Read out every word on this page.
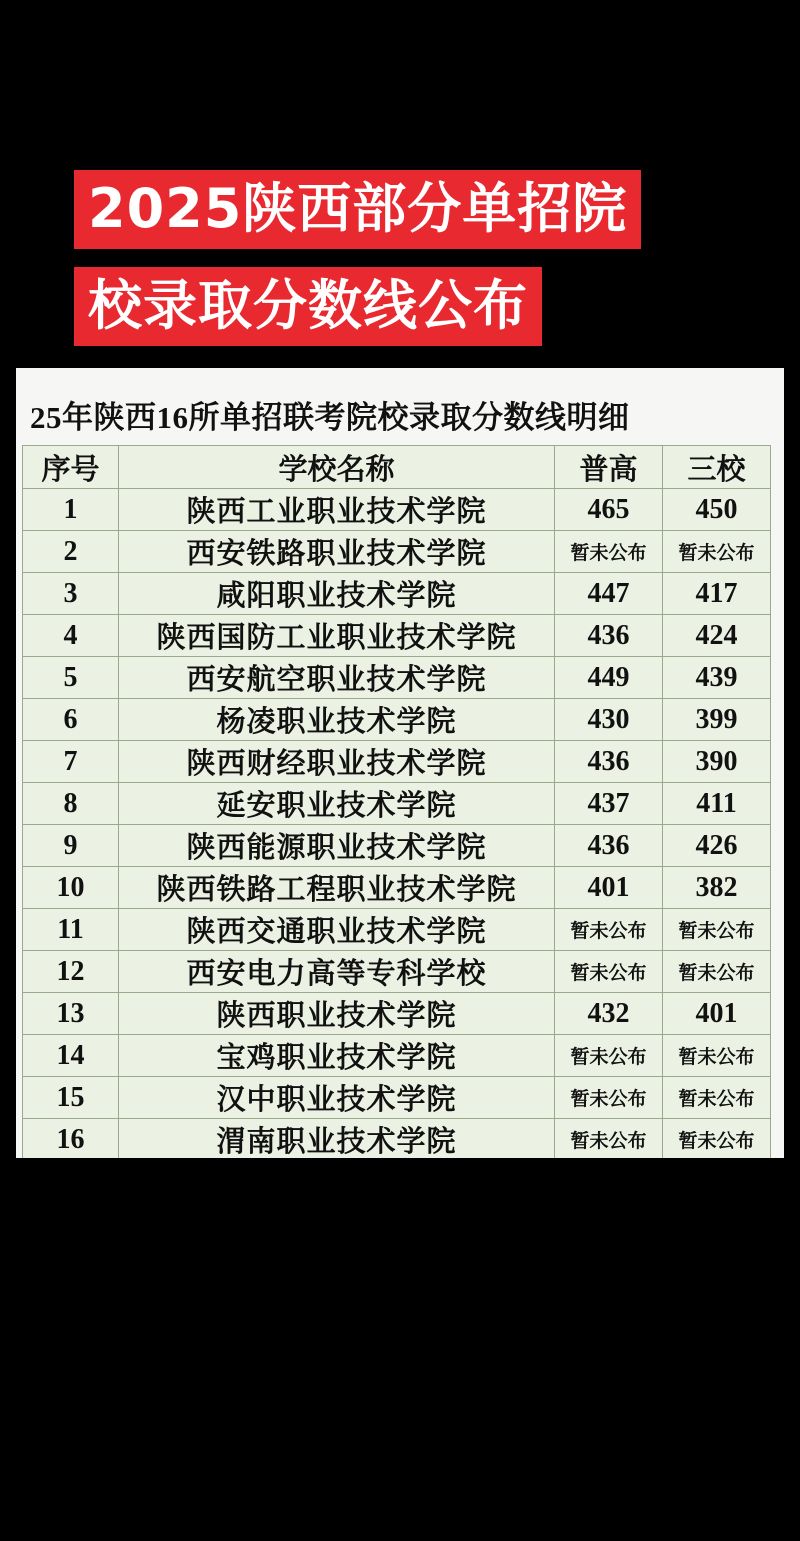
2025陕西部分单招院
校录取分数线公布
25年陕西16所单招联考院校录取分数线明细
序号	学校名称	普高	三校
1	陕西工业职业技术学院	465	450
2	西安铁路职业技术学院	暂未公布	暂未公布
3	咸阳职业技术学院	447	417
4	陕西国防工业职业技术学院	436	424
5	西安航空职业技术学院	449	439
6	杨凌职业技术学院	430	399
7	陕西财经职业技术学院	436	390
8	延安职业技术学院	437	411
9	陕西能源职业技术学院	436	426
10	陕西铁路工程职业技术学院	401	382
11	陕西交通职业技术学院	暂未公布	暂未公布
12	西安电力高等专科学校	暂未公布	暂未公布
13	陕西职业技术学院	432	401
14	宝鸡职业技术学院	暂未公布	暂未公布
15	汉中职业技术学院	暂未公布	暂未公布
16	渭南职业技术学院	暂未公布	暂未公布
